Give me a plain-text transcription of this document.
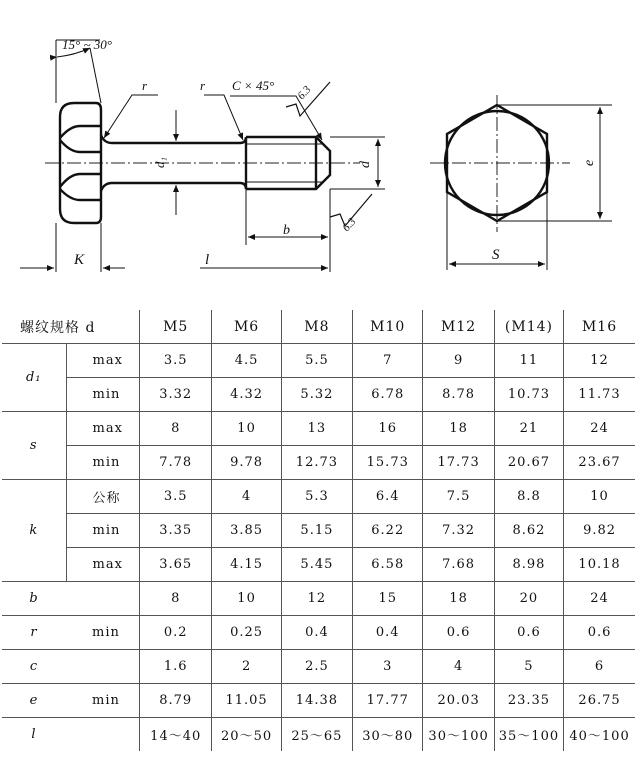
15° ~ 30°
r	r C × 45° 6.3
6.3
d₁	d
b
K	l
e
S
螺纹规格 d		M5	M6	M8	M10	M12	(M14)	M16
d₁	max	3.5	4.5	5.5	7	9	11	12
	min	3.32	4.32	5.32	6.78	8.78	10.73	11.73
s	max	8	10	13	16	18	21	24
	min	7.78	9.78	12.73	15.73	17.73	20.67	23.67
k	公称	3.5	4	5.3	6.4	7.5	8.8	10
	min	3.35	3.85	5.15	6.22	7.32	8.62	9.82
	max	3.65	4.15	5.45	6.58	7.68	8.98	10.18
b		8	10	12	15	18	20	24
r	min	0.2	0.25	0.4	0.4	0.6	0.6	0.6
c		1.6	2	2.5	3	4	5	6
e	min	8.79	11.05	14.38	17.77	20.03	23.35	26.75
l		14～40	20～50	25～65	30～80	30～100	35～100	40～100
